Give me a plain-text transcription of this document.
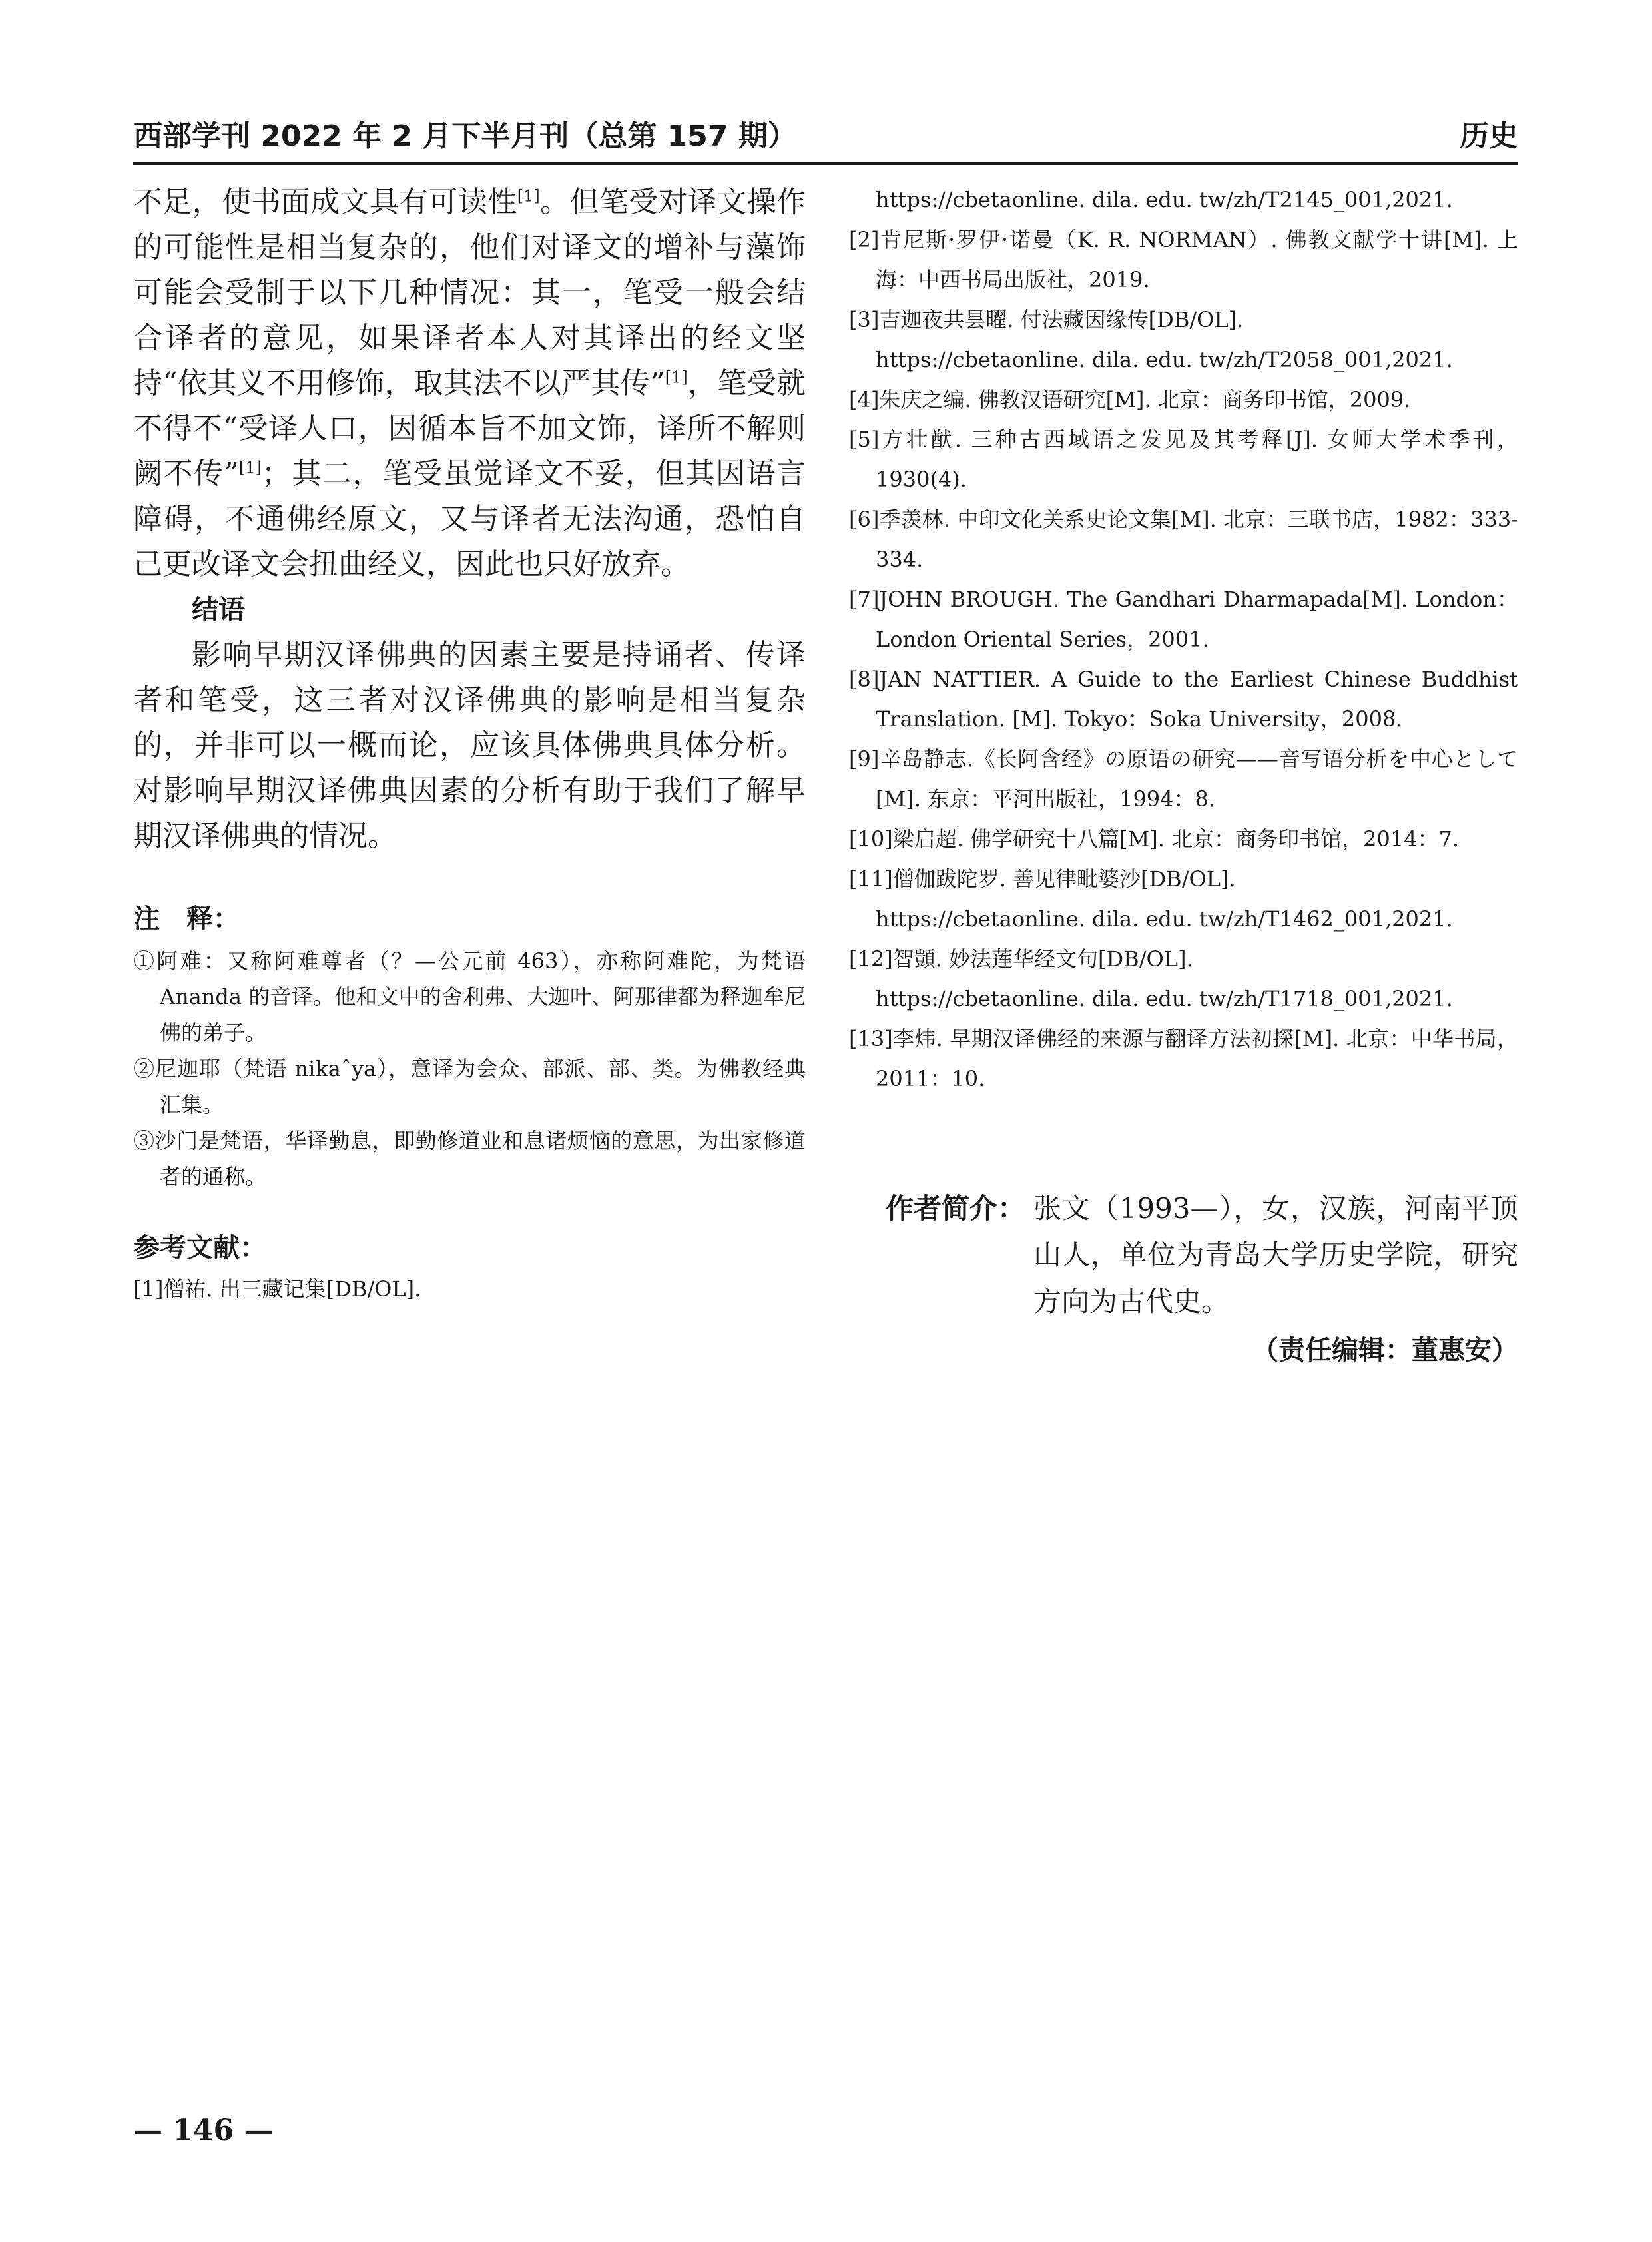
西部学刊 2022 年 2 月下半月刊（总第 157 期）	历史

不足，使书面成文具有可读性[1]。但笔受对译文操作的可能性是相当复杂的，他们对译文的增补与藻饰可能会受制于以下几种情况：其一，笔受一般会结合译者的意见，如果译者本人对其译出的经文坚持“依其义不用修饰，取其法不以严其传”[1]，笔受就不得不“受译人口，因循本旨不加文饰，译所不解则阙不传”[1]；其二，笔受虽觉译文不妥，但其因语言障碍，不通佛经原文，又与译者无法沟通，恐怕自己更改译文会扭曲经义，因此也只好放弃。

结语

影响早期汉译佛典的因素主要是持诵者、传译者和笔受，这三者对汉译佛典的影响是相当复杂的，并非可以一概而论，应该具体佛典具体分析。对影响早期汉译佛典因素的分析有助于我们了解早期汉译佛典的情况。

注　释：

①阿难：又称阿难尊者（？—公元前 463），亦称阿难陀，为梵语 Ananda 的音译。他和文中的舍利弗、大迦叶、阿那律都为释迦牟尼佛的弟子。

②尼迦耶（梵语 nikaˆya），意译为会众、部派、部、类。为佛教经典汇集。

③沙门是梵语，华译勤息，即勤修道业和息诸烦恼的意思，为出家修道者的通称。

参考文献：

[1]僧祐. 出三藏记集[DB/OL].

https://cbetaonline. dila. edu. tw/zh/T2145_001,2021.

[2]肯尼斯·罗伊·诺曼（K. R. NORMAN）. 佛教文献学十讲[M]. 上海：中西书局出版社，2019.

[3]吉迦夜共昙曜. 付法藏因缘传[DB/OL].

https://cbetaonline. dila. edu. tw/zh/T2058_001,2021.

[4]朱庆之编. 佛教汉语研究[M]. 北京：商务印书馆，2009.

[5]方壮猷. 三种古西域语之发见及其考释[J]. 女师大学术季刊，1930(4).

[6]季羡林. 中印文化关系史论文集[M]. 北京：三联书店，1982：333-334.

[7]JOHN BROUGH. The Gandhari Dharmapada[M]. London：London Oriental Series，2001.

[8]JAN NATTIER. A Guide to the Earliest Chinese Buddhist Translation. [M]. Tokyo：Soka University，2008.

[9]辛岛静志.《长阿含经》の原语の研究——音写语分析を中心として[M]. 东京：平河出版社，1994：8.

[10]梁启超. 佛学研究十八篇[M]. 北京：商务印书馆，2014：7.

[11]僧伽跋陀罗. 善见律毗婆沙[DB/OL].

https://cbetaonline. dila. edu. tw/zh/T1462_001,2021.

[12]智顗. 妙法莲华经文句[DB/OL].

https://cbetaonline. dila. edu. tw/zh/T1718_001,2021.

[13]李炜. 早期汉译佛经的来源与翻译方法初探[M]. 北京：中华书局，2011：10.

作者简介： 张文（1993—），女，汉族，河南平顶山人，单位为青岛大学历史学院，研究方向为古代史。
（责任编辑：董惠安）
— 146 —
